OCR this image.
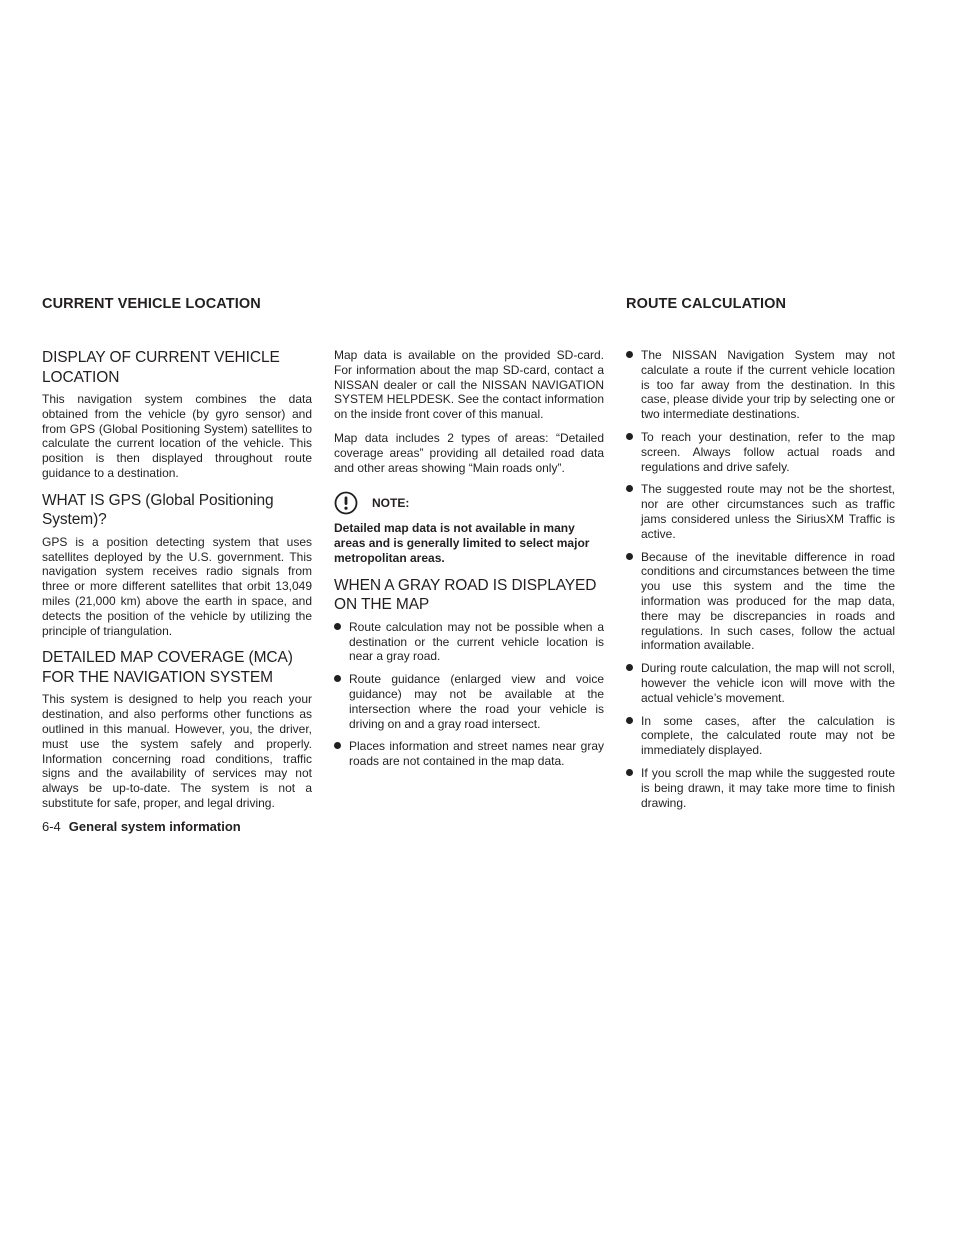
CURRENT VEHICLE LOCATION	ROUTE CALCULATION
DISPLAY OF CURRENT VEHICLE LOCATION

This navigation system combines the data obtained from the vehicle (by gyro sensor) and from GPS (Global Positioning System) satellites to calculate the current location of the vehicle. This position is then displayed throughout route guidance to a destination.

WHAT IS GPS (Global Positioning System)?

GPS is a position detecting system that uses satellites deployed by the U.S. government. This navigation system receives radio signals from three or more different satellites that orbit 13,049 miles (21,000 km) above the earth in space, and detects the position of the vehicle by utilizing the principle of triangulation.

DETAILED MAP COVERAGE (MCA) FOR THE NAVIGATION SYSTEM

This system is designed to help you reach your destination, and also performs other functions as outlined in this manual. However, you, the driver, must use the system safely and properly. Information concerning road conditions, traffic signs and the availability of services may not always be up-to-date. The system is not a substitute for safe, proper, and legal driving.

Map data is available on the provided SD-card. For information about the map SD-card, contact a NISSAN dealer or call the NISSAN NAVIGATION SYSTEM HELPDESK. See the contact information on the inside front cover of this manual.

Map data includes 2 types of areas: “Detailed coverage areas” providing all detailed road data and other areas showing “Main roads only”.

NOTE:

Detailed map data is not available in many areas and is generally limited to select major metropolitan areas.

WHEN A GRAY ROAD IS DISPLAYED ON THE MAP
Route calculation may not be possible when a destination or the current vehicle location is near a gray road.
Route guidance (enlarged view and voice guidance) may not be available at the intersection where the road your vehicle is driving on and a gray road intersect.
Places information and street names near gray roads are not contained in the map data.
The NISSAN Navigation System may not calculate a route if the current vehicle location is too far away from the destination. In this case, please divide your trip by selecting one or two intermediate destinations.
To reach your destination, refer to the map screen. Always follow actual roads and regulations and drive safely.
The suggested route may not be the shortest, nor are other circumstances such as traffic jams considered unless the SiriusXM Traffic is active.
Because of the inevitable difference in road conditions and circumstances between the time you use this system and the time the information was produced for the map data, there may be discrepancies in roads and regulations. In such cases, follow the actual information available.
During route calculation, the map will not scroll, however the vehicle icon will move with the actual vehicle’s movement.
In some cases, after the calculation is complete, the calculated route may not be immediately displayed.
If you scroll the map while the suggested route is being drawn, it may take more time to finish drawing.
6-4 General system information
